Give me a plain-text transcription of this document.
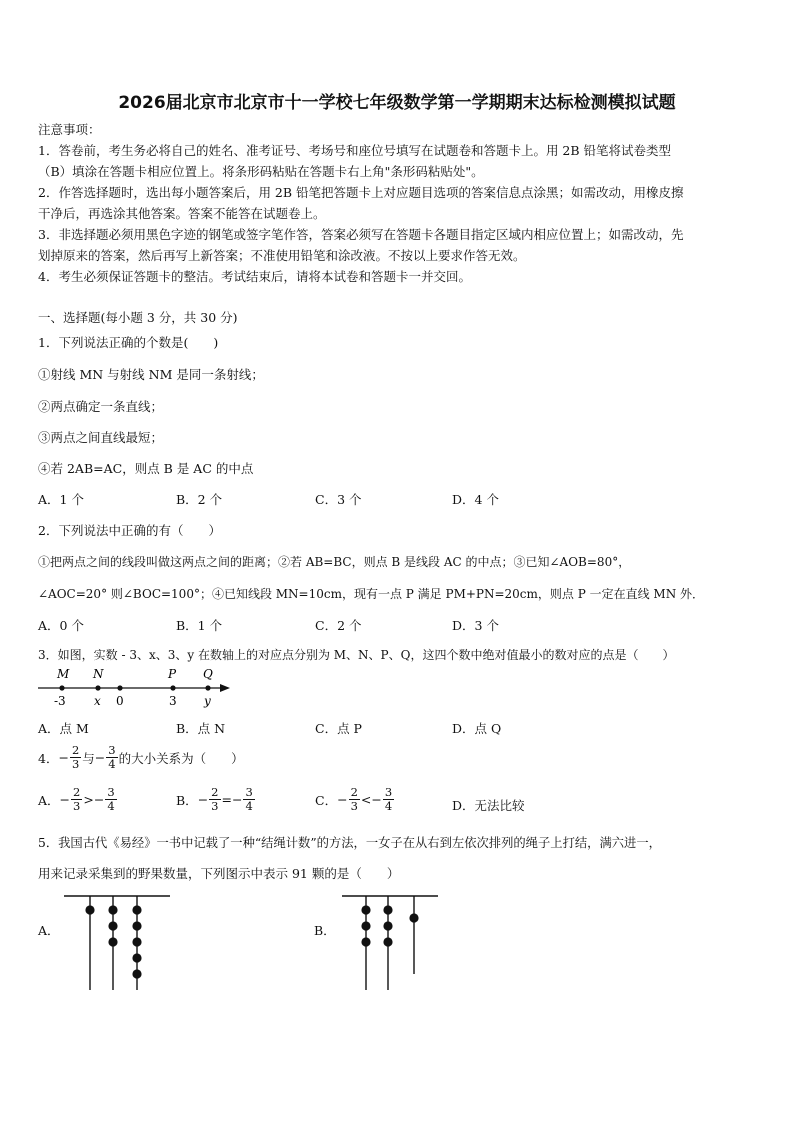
2026届北京市北京市十一学校七年级数学第一学期期末达标检测模拟试题
注意事项：
1．答卷前，考生务必将自己的姓名、准考证号、考场号和座位号填写在试题卷和答题卡上。用 2B 铅笔将试卷类型
（B）填涂在答题卡相应位置上。将条形码粘贴在答题卡右上角"条形码粘贴处"。
2．作答选择题时，选出每小题答案后，用 2B 铅笔把答题卡上对应题目选项的答案信息点涂黑；如需改动，用橡皮擦
干净后，再选涂其他答案。答案不能答在试题卷上。
3．非选择题必须用黑色字迹的钢笔或签字笔作答，答案必须写在答题卡各题目指定区域内相应位置上；如需改动，先
划掉原来的答案，然后再写上新答案；不准使用铅笔和涂改液。不按以上要求作答无效。
4．考生必须保证答题卡的整洁。考试结束后，请将本试卷和答题卡一并交回。
一、选择题(每小题 3 分，共 30 分)
1．下列说法正确的个数是(　　)
①射线 MN 与射线 NM 是同一条射线；
②两点确定一条直线；
③两点之间直线最短；
④若 2AB=AC，则点 B 是 AC 的中点
A．1 个	B．2 个	C．3 个	D．4 个
2．下列说法中正确的有（　　）
①把两点之间的线段叫做这两点之间的距离；②若 AB=BC，则点 B 是线段 AC 的中点；③已知∠AOB=80°，
∠AOC=20° 则∠BOC=100°；④已知线段 MN=10cm，现有一点 P 满足 PM+PN=20cm，则点 P 一定在直线 MN 外．
A．0 个	B．1 个	C．2 个	D．3 个
3．如图，实数 - 3、x、3、y 在数轴上的对应点分别为 M、N、P、Q，这四个数中绝对值最小的数对应的点是（　　）
M N	P Q
-3 x 0	3 y
A．点 M	B．点 N	C．点 P	D．点 Q
4． − $\frac{2}{3}$ 与 − $\frac{3}{4}$ 的大小关系为（　　）
A． − $\frac{2}{3}$ > − $\frac{3}{4}$	B． − $\frac{2}{3}$ = − $\frac{3}{4}$	C． − $\frac{2}{3}$ < − $\frac{3}{4}$	D．无法比较
5．我国古代《易经》一书中记载了一种“结绳计数”的方法，一女子在从右到左依次排列的绳子上打结，满六进一，
用来记录采集到的野果数量，下列图示中表示 91 颗的是（　　）
A．	B．
